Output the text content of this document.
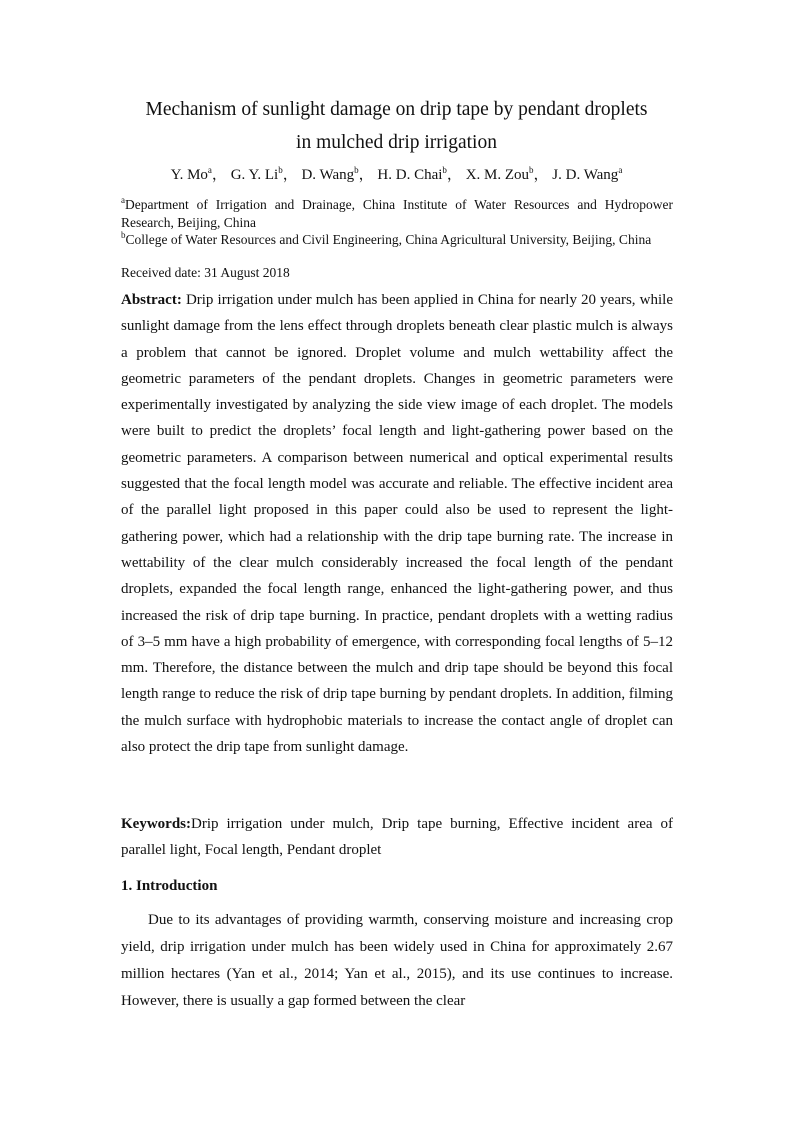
Mechanism of sunlight damage on drip tape by pendant droplets
in mulched drip irrigation
Y. Mo$^a$， G. Y. Li$^b$， D. Wang$^b$， H. D. Chai$^b$， X. M. Zou$^b$， J. D. Wang$^a$
$^a$Department of Irrigation and Drainage, China Institute of Water Resources and Hydropower Research, Beijing, China
$^b$College of Water Resources and Civil Engineering, China Agricultural University, Beijing, China
Received date: 31 August 2018

Abstract: Drip irrigation under mulch has been applied in China for nearly 20 years, while sunlight damage from the lens effect through droplets beneath clear plastic mulch is always a problem that cannot be ignored. Droplet volume and mulch wettability affect the geometric parameters of the pendant droplets. Changes in geometric parameters were experimentally investigated by analyzing the side view image of each droplet. The models were built to predict the droplets’ focal length and light-gathering power based on the geometric parameters. A comparison between numerical and optical experimental results suggested that the focal length model was accurate and reliable. The effective incident area of the parallel light proposed in this paper could also be used to represent the light-gathering power, which had a relationship with the drip tape burning rate. The increase in wettability of the clear mulch considerably increased the focal length of the pendant droplets, expanded the focal length range, enhanced the light-gathering power, and thus increased the risk of drip tape burning. In practice, pendant droplets with a wetting radius of 3–5 mm have a high probability of emergence, with corresponding focal lengths of 5–12 mm. Therefore, the distance between the mulch and drip tape should be beyond this focal length range to reduce the risk of drip tape burning by pendant droplets. In addition, filming the mulch surface with hydrophobic materials to increase the contact angle of droplet can also protect the drip tape from sunlight damage.

Keywords:Drip irrigation under mulch, Drip tape burning, Effective incident area of parallel light, Focal length, Pendant droplet

1. Introduction

Due to its advantages of providing warmth, conserving moisture and increasing crop yield, drip irrigation under mulch has been widely used in China for approximately 2.67 million hectares (Yan et al., 2014; Yan et al., 2015), and its use continues to increase. However, there is usually a gap formed between the clear
